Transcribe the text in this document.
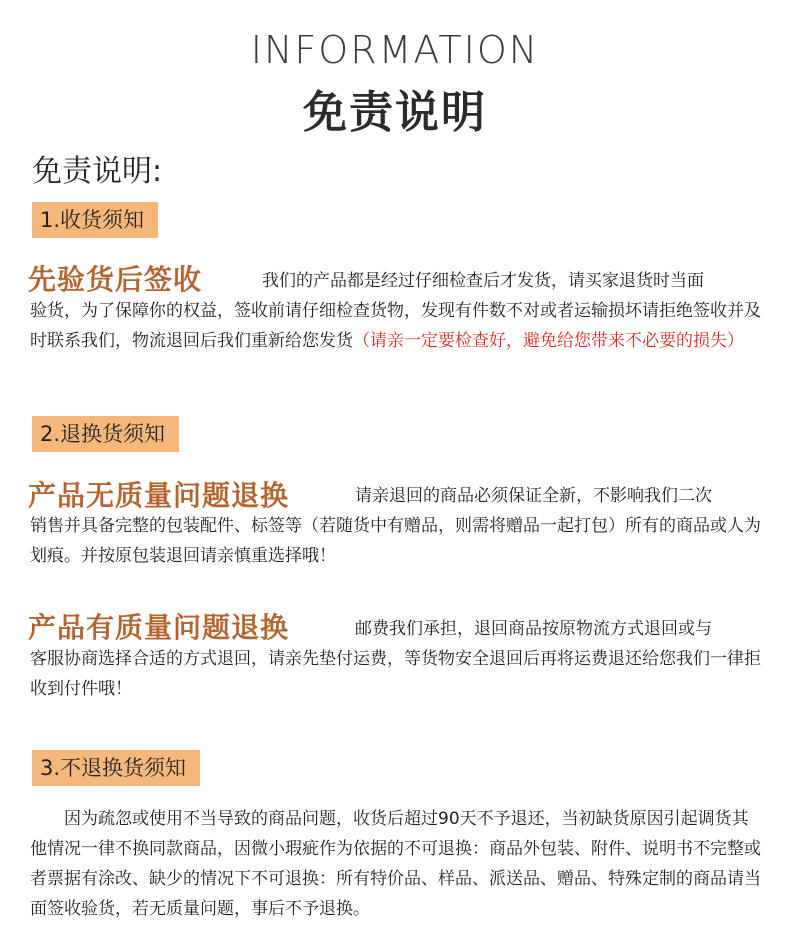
INFORMATION
免责说明
免责说明:
1.收货须知
先验货后签收	我们的产品都是经过仔细检查后才发货，请买家退货时当面
验货，为了保障你的权益，签收前请仔细检查货物，发现有件数不对或者运输损坏请拒绝签收并及时联系我们，物流退回后我们重新给您发货（请亲一定要检查好，避免给您带来不必要的损失）
2.退换货须知
产品无质量问题退换	请亲退回的商品必须保证全新，不影响我们二次
销售并具备完整的包装配件、标签等（若随货中有赠品，则需将赠品一起打包）所有的商品或人为划痕。并按原包装退回请亲慎重选择哦！
产品有质量问题退换	邮费我们承担，退回商品按原物流方式退回或与
客服协商选择合适的方式退回，请亲先垫付运费，等货物安全退回后再将运费退还给您我们一律拒收到付件哦！
3.不退换货须知
因为疏忽或使用不当导致的商品问题，收货后超过90天不予退还，当初缺货原因引起调货其他情况一律不换同款商品，因微小瑕疵作为依据的不可退换：商品外包装、附件、说明书不完整或者票据有涂改、缺少的情况下不可退换：所有特价品、样品、派送品、赠品、特殊定制的商品请当面签收验货，若无质量问题，事后不予退换。
